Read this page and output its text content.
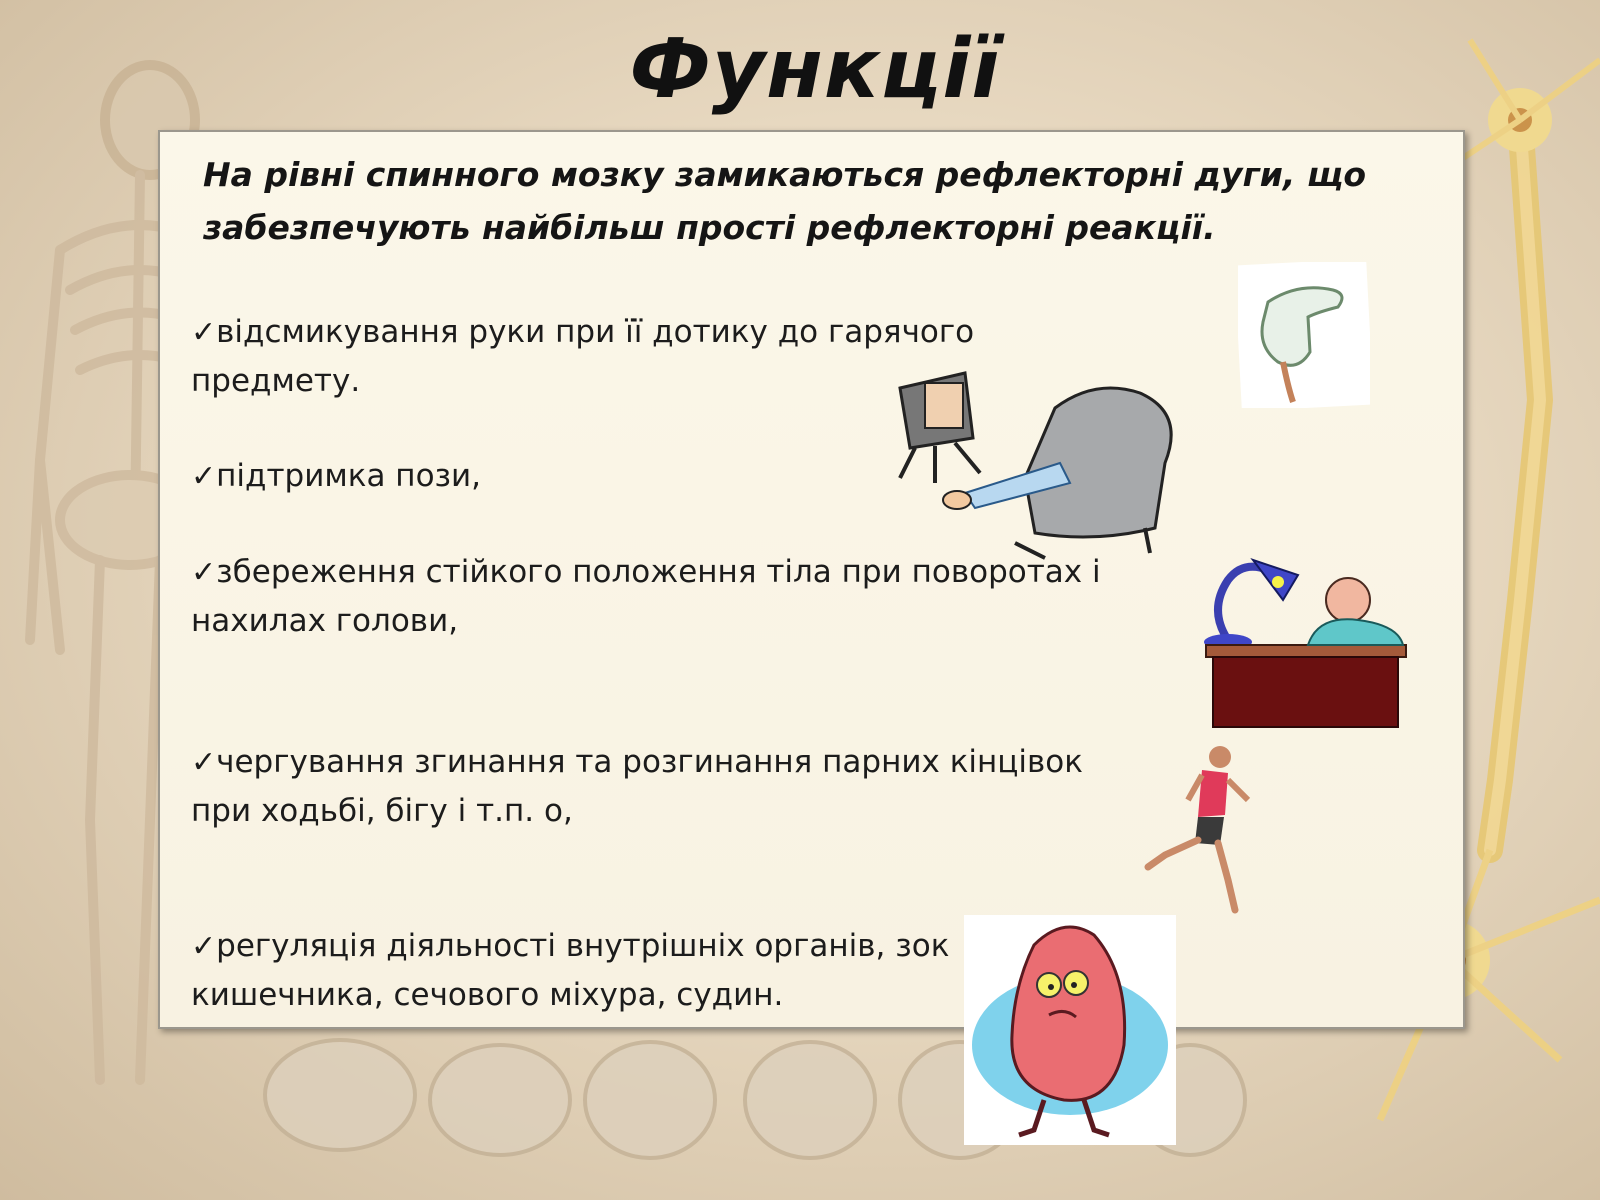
Функції
На рівні спинного мозку замикаються рефлекторні дуги, що забезпечують найбільш прості рефлекторні реакції.
✓відсмикування руки при її дотику до гарячого
предмету.
✓підтримка пози,
✓збереження стійкого положення тіла при поворотах і
нахилах голови,
✓чергування згинання та розгинання парних кінцівок
при ходьбі, бігу і т.п. о,
✓регуляція діяльності внутрішніх органів, зок
кишечника, сечового міхура, судин.
